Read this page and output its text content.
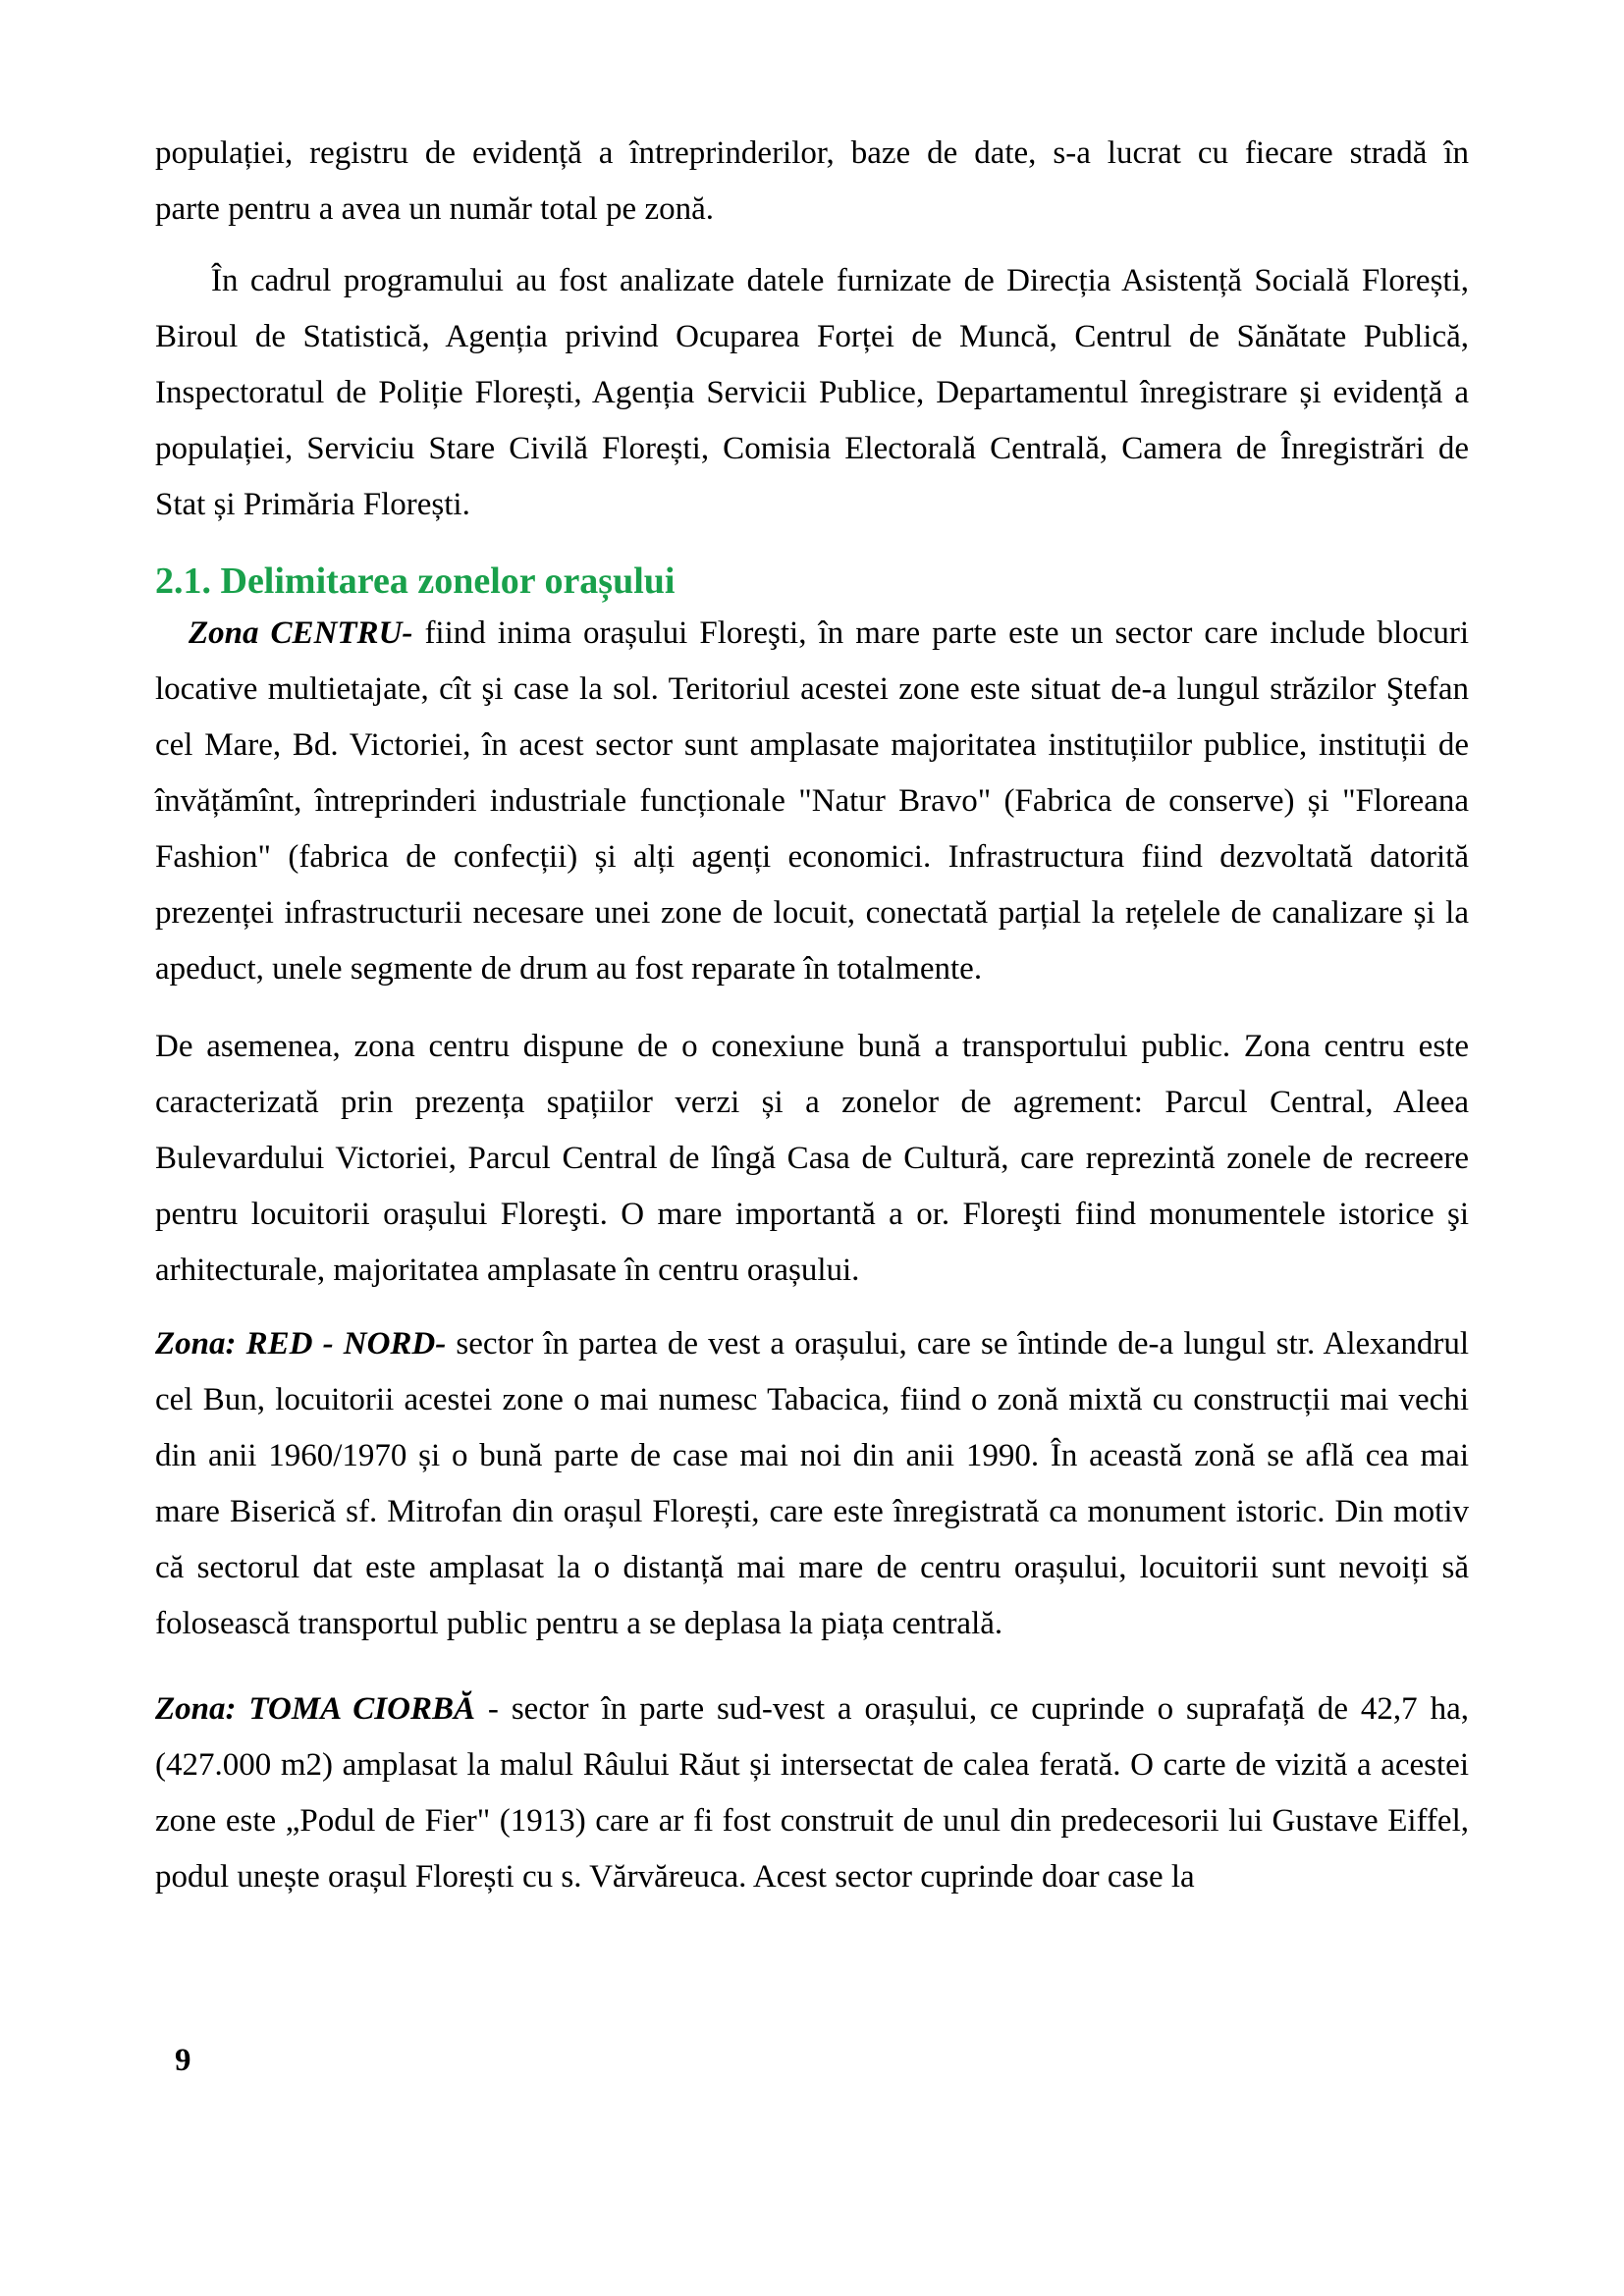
populației, registru de evidență a întreprinderilor, baze de date, s-a lucrat cu fiecare stradă în
parte pentru a avea un număr total pe zonă.
În cadrul programului au fost analizate datele furnizate de Direcția Asistență Socială Florești,
Biroul de Statistică, Agenția privind Ocuparea Forței de Muncă, Centrul de Sănătate Publică,
Inspectoratul de Poliție Florești, Agenția Servicii Publice, Departamentul înregistrare și evidență a
populației, Serviciu Stare Civilă Florești, Comisia Electorală Centrală, Camera de Înregistrări de
Stat și Primăria Florești.
2.1. Delimitarea zonelor orașului
Zona CENTRU- fiind inima orașului Floreşti, în mare parte este un sector care include blocuri
locative multietajate, cît şi case la sol. Teritoriul acestei zone este situat de-a lungul străzilor Ştefan
cel Mare, Bd. Victoriei, în acest sector sunt amplasate majoritatea instituțiilor publice, instituții de
învățămînt, întreprinderi industriale funcționale "Natur Bravo" (Fabrica de conserve) și "Floreana
Fashion" (fabrica de confecții) și alți agenți economici. Infrastructura fiind dezvoltată datorită
prezenței infrastructurii necesare unei zone de locuit, conectată parțial la rețelele de canalizare și la
apeduct, unele segmente de drum au fost reparate în totalmente.
De asemenea, zona centru dispune de o conexiune bună a transportului public. Zona centru este
caracterizată prin prezența spațiilor verzi și a zonelor de agrement: Parcul Central, Aleea
Bulevardului Victoriei, Parcul Central de lîngă Casa de Cultură, care reprezintă zonele de recreere
pentru locuitorii orașului Floreşti. O mare importantă a or. Floreşti fiind monumentele istorice şi
arhitecturale, majoritatea amplasate în centru orașului.
Zona: RED - NORD- sector în partea de vest a orașului, care se întinde de-a lungul str. Alexandrul
cel Bun, locuitorii acestei zone o mai numesc Tabacica, fiind o zonă mixtă cu construcții mai vechi
din anii 1960/1970 și o bună parte de case mai noi din anii 1990. În această zonă se află cea mai
mare Biserică sf. Mitrofan din orașul Florești, care este înregistrată ca monument istoric. Din motiv
că sectorul dat este amplasat la o distanță mai mare de centru orașului, locuitorii sunt nevoiți să
folosească transportul public pentru a se deplasa la piața centrală.
Zona: TOMA CIORBĂ - sector în parte sud-vest a orașului, ce cuprinde o suprafață de 42,7 ha,
(427.000 m2) amplasat la malul Râului Răut și intersectat de calea ferată. O carte de vizită a acestei
zone este „Podul de Fier" (1913) care ar fi fost construit de unul din predecesorii lui Gustave Eiffel,
podul unește orașul Florești cu s. Vărvăreuca. Acest sector cuprinde doar case la
9
